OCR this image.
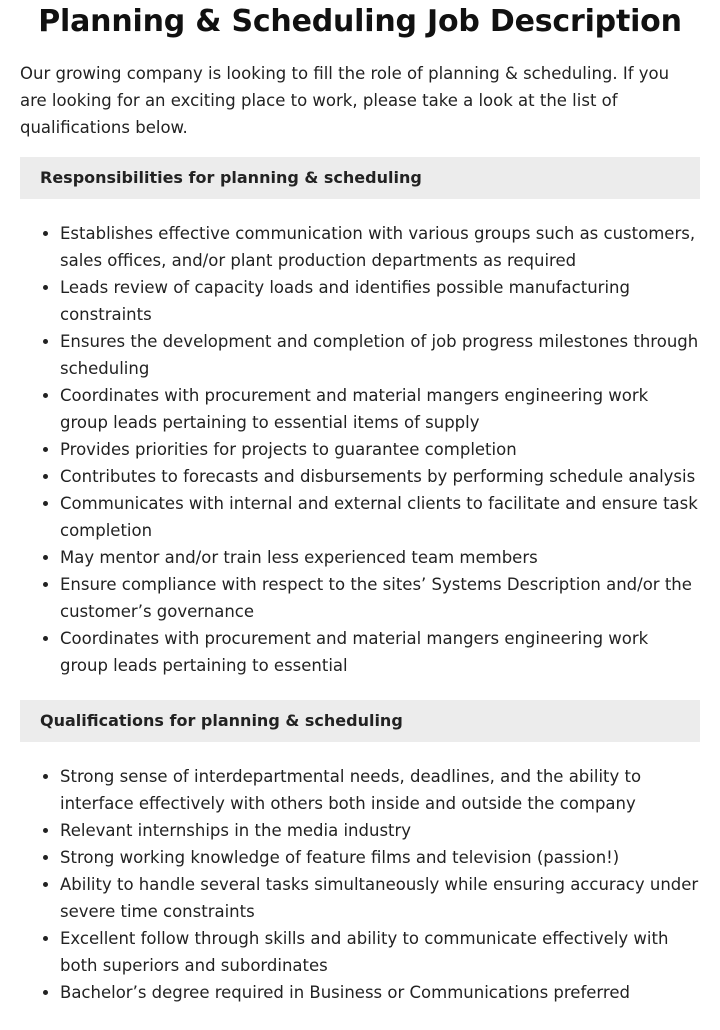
Planning & Scheduling Job Description

Our growing company is looking to fill the role of planning & scheduling. If you are looking for an exciting place to work, please take a look at the list of qualifications below.

Responsibilities for planning & scheduling
• Establishes effective communication with various groups such as customers, sales offices, and/or plant production departments as required
• Leads review of capacity loads and identifies possible manufacturing constraints
• Ensures the development and completion of job progress milestones through scheduling
• Coordinates with procurement and material mangers engineering work group leads pertaining to essential items of supply
• Provides priorities for projects to guarantee completion
• Contributes to forecasts and disbursements by performing schedule analysis
• Communicates with internal and external clients to facilitate and ensure task completion
• May mentor and/or train less experienced team members
• Ensure compliance with respect to the sites’ Systems Description and/or the customer’s governance
• Coordinates with procurement and material mangers engineering work group leads pertaining to essential
Qualifications for planning & scheduling
• Strong sense of interdepartmental needs, deadlines, and the ability to interface effectively with others both inside and outside the company
• Relevant internships in the media industry
• Strong working knowledge of feature films and television (passion!)
• Ability to handle several tasks simultaneously while ensuring accuracy under severe time constraints
• Excellent follow through skills and ability to communicate effectively with both superiors and subordinates
• Bachelor’s degree required in Business or Communications preferred
